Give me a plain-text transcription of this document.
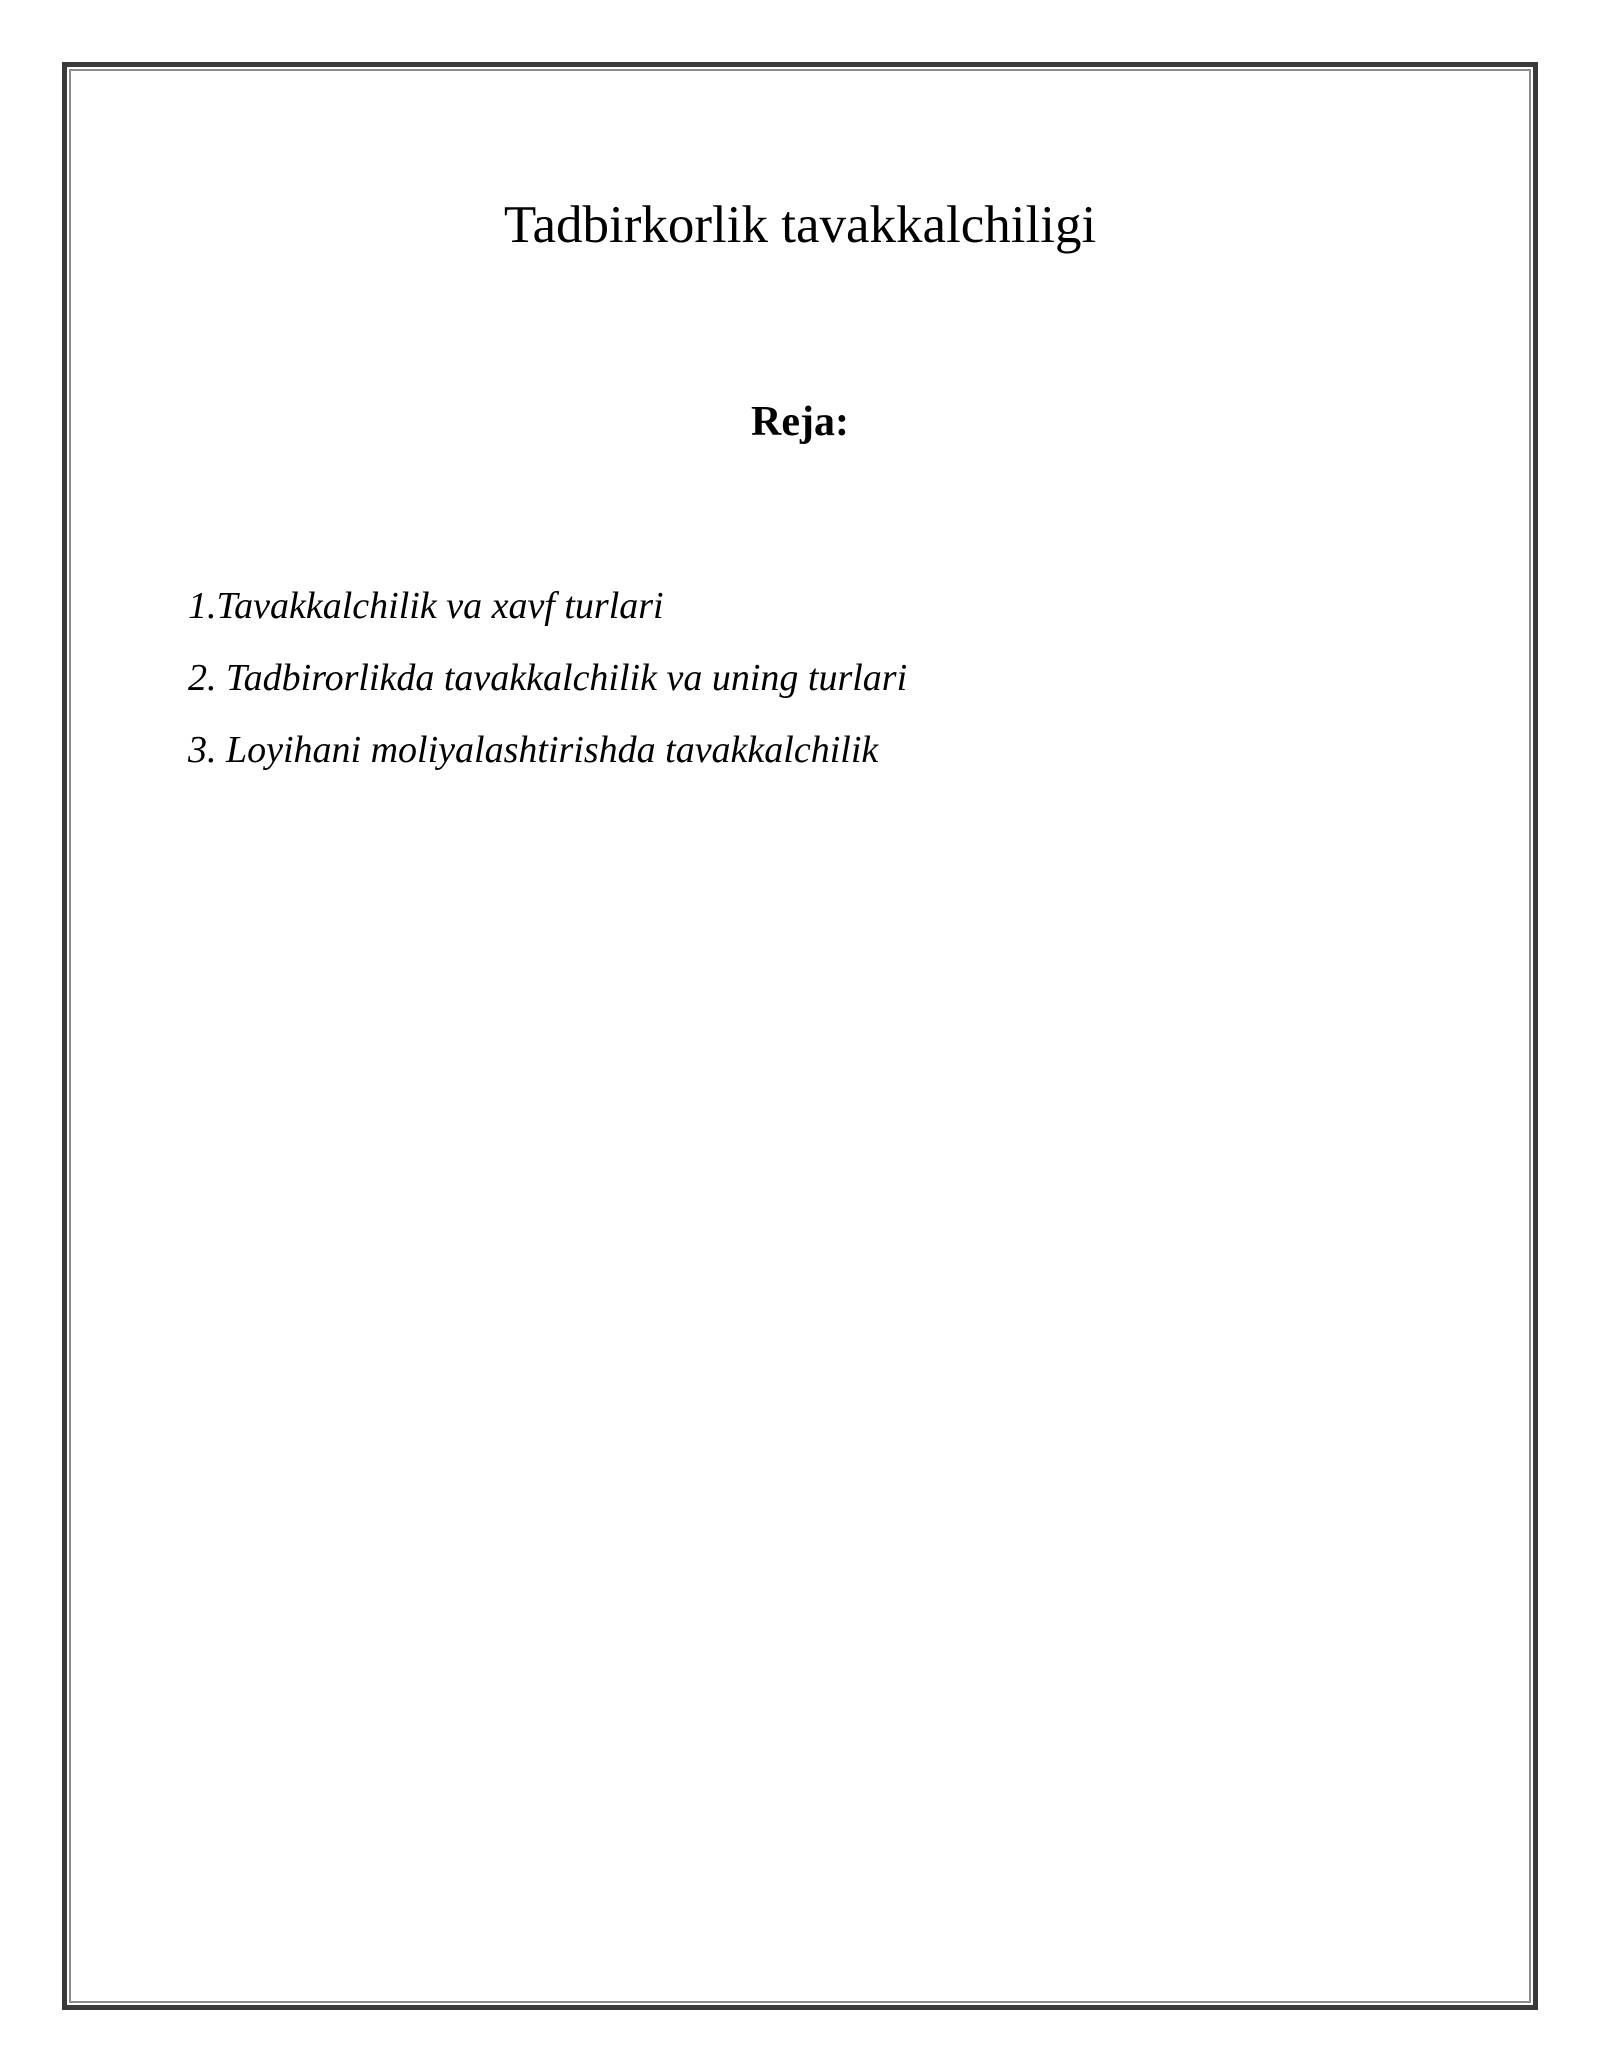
Tadbirkorlik tavakkalchiligi
Reja:
1.Tavakkalchilik va xavf turlari
2. Tadbirorlikda tavakkalchilik va uning turlari
3. Loyihani moliyalashtirishda tavakkalchilik
